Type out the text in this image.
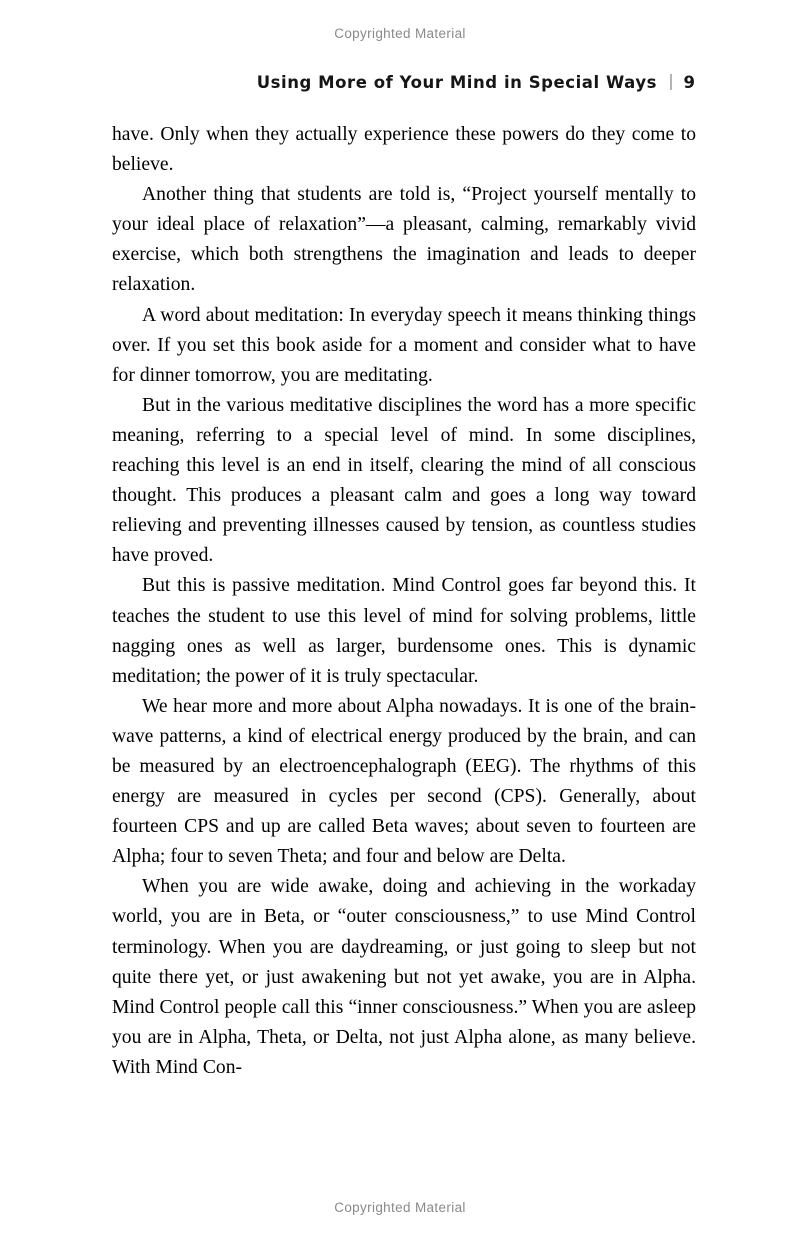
Copyrighted Material
Using More of Your Mind in Special Ways 9

have. Only when they actually experience these powers do they come to believe.

Another thing that students are told is, “Project yourself mentally to your ideal place of relaxation”—a pleasant, calming, remarkably vivid exercise, which both strengthens the imagination and leads to deeper relaxation.

A word about meditation: In everyday speech it means thinking things over. If you set this book aside for a moment and consider what to have for dinner tomorrow, you are meditating.

But in the various meditative disciplines the word has a more specific meaning, referring to a special level of mind. In some disciplines, reaching this level is an end in itself, clearing the mind of all conscious thought. This produces a pleasant calm and goes a long way toward relieving and preventing illnesses caused by tension, as countless studies have proved.

But this is passive meditation. Mind Control goes far beyond this. It teaches the student to use this level of mind for solving problems, little nagging ones as well as larger, burdensome ones. This is dynamic meditation; the power of it is truly spectacular.

We hear more and more about Alpha nowadays. It is one of the brain-wave patterns, a kind of electrical energy produced by the brain, and can be measured by an electroencephalograph (EEG). The rhythms of this energy are measured in cycles per second (CPS). Generally, about fourteen CPS and up are called Beta waves; about seven to fourteen are Alpha; four to seven Theta; and four and below are Delta.

When you are wide awake, doing and achieving in the workaday world, you are in Beta, or “outer consciousness,” to use Mind Control terminology. When you are daydreaming, or just going to sleep but not quite there yet, or just awakening but not yet awake, you are in Alpha. Mind Control people call this “inner consciousness.” When you are asleep you are in Alpha, Theta, or Delta, not just Alpha alone, as many believe. With Mind Con-

Copyrighted Material
